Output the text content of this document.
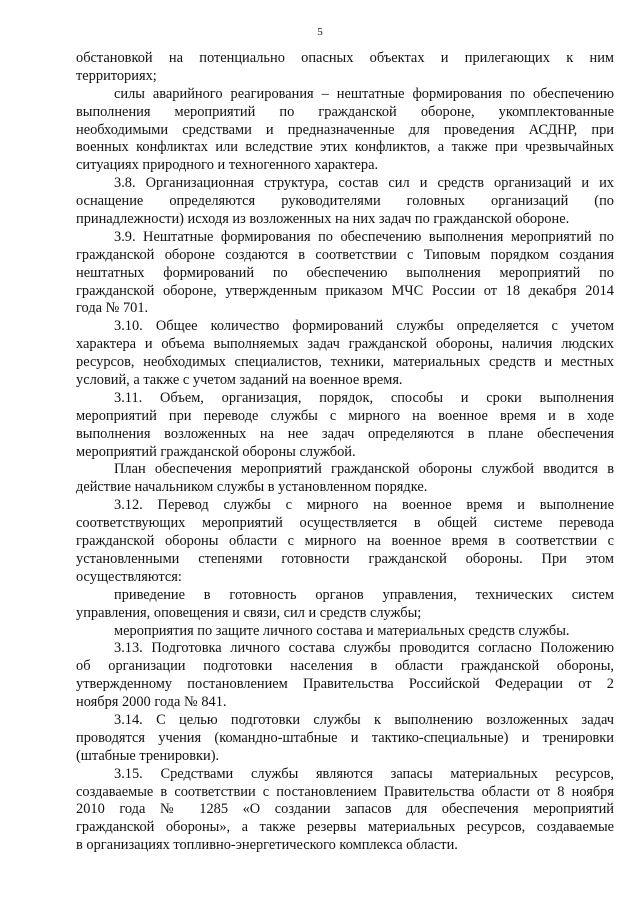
5
обстановкой на потенциально опасных объектах и прилегающих к ним
территориях;
силы аварийного реагирования – нештатные формирования по обеспечению
выполнения мероприятий по гражданской обороне, укомплектованные
необходимыми средствами и предназначенные для проведения АСДНР, при
военных конфликтах или вследствие этих конфликтов, а также при чрезвычайных
ситуациях природного и техногенного характера.
3.8. Организационная структура, состав сил и средств организаций и их
оснащение определяются руководителями головных организаций (по
принадлежности) исходя из возложенных на них задач по гражданской обороне.
3.9. Нештатные формирования по обеспечению выполнения мероприятий по
гражданской обороне создаются в соответствии с Типовым порядком создания
нештатных формирований по обеспечению выполнения мероприятий по
гражданской обороне, утвержденным приказом МЧС России от 18 декабря 2014
года № 701.
3.10. Общее количество формирований службы определяется с учетом
характера и объема выполняемых задач гражданской обороны, наличия людских
ресурсов, необходимых специалистов, техники, материальных средств и местных
условий, а также с учетом заданий на военное время.
3.11. Объем, организация, порядок, способы и сроки выполнения
мероприятий при переводе службы с мирного на военное время и в ходе
выполнения возложенных на нее задач определяются в плане обеспечения
мероприятий гражданской обороны службой.
План обеспечения мероприятий гражданской обороны службой вводится в
действие начальником службы в установленном порядке.
3.12. Перевод службы с мирного на военное время и выполнение
соответствующих мероприятий осуществляется в общей системе перевода
гражданской обороны области с мирного на военное время в соответствии с
установленными степенями готовности гражданской обороны. При этом
осуществляются:
приведение в готовность органов управления, технических систем
управления, оповещения и связи, сил и средств службы;
мероприятия по защите личного состава и материальных средств службы.
3.13. Подготовка личного состава службы проводится согласно Положению
об организации подготовки населения в области гражданской обороны,
утвержденному постановлением Правительства Российской Федерации от 2
ноября 2000 года № 841.
3.14. С целью подготовки службы к выполнению возложенных задач
проводятся учения (командно-штабные и тактико-специальные) и тренировки
(штабные тренировки).
3.15. Средствами службы являются запасы материальных ресурсов,
создаваемые в соответствии с постановлением Правительства области от 8 ноября
2010 года № 1285 «О создании запасов для обеспечения мероприятий
гражданской обороны», а также резервы материальных ресурсов, создаваемые
в организациях топливно-энергетического комплекса области.
